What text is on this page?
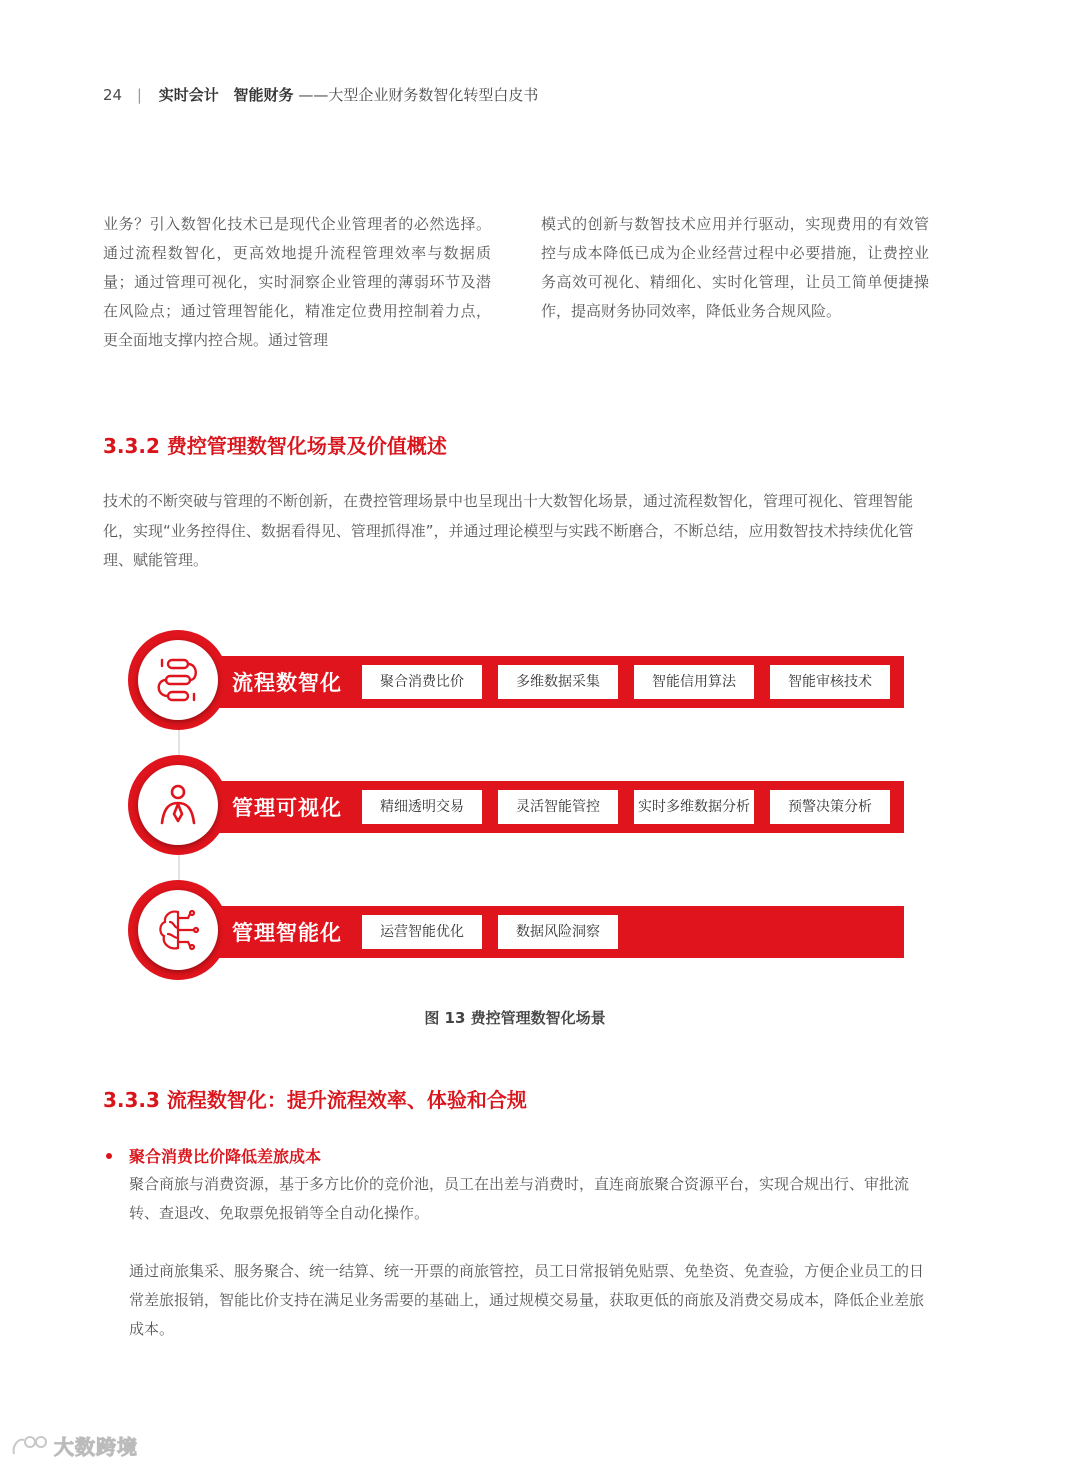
24 | 实时会计 智能财务 ——大型企业财务数智化转型白皮书
业务？引入数智化技术已是现代企业管理者的必然选择。通过流程数智化，更高效地提升流程管理效率与数据质量；通过管理可视化，实时洞察企业管理的薄弱环节及潜在风险点；通过管理智能化，精准定位费用控制着力点，更全面地支撑内控合规。通过管理
模式的创新与数智技术应用并行驱动，实现费用的有效管控与成本降低已成为企业经营过程中必要措施，让费控业务高效可视化、精细化、实时化管理，让员工简单便捷操作，提高财务协同效率，降低业务合规风险。
3.3.2 费控管理数智化场景及价值概述
技术的不断突破与管理的不断创新，在费控管理场景中也呈现出十大数智化场景，通过流程数智化，管理可视化、管理智能化，实现“业务控得住、数据看得见、管理抓得准”，并通过理论模型与实践不断磨合，不断总结，应用数智技术持续优化管理、赋能管理。
流程数智化	聚合消费比价	多维数据采集	智能信用算法	智能审核技术
管理可视化	精细透明交易	灵活智能管控	实时多维数据分析	预警决策分析
管理智能化	运营智能优化	数据风险洞察
图 13 费控管理数智化场景
3.3.3 流程数智化：提升流程效率、体验和合规
聚合消费比价降低差旅成本
聚合商旅与消费资源，基于多方比价的竞价池，员工在出差与消费时，直连商旅聚合资源平台，实现合规出行、审批流转、查退改、免取票免报销等全自动化操作。
通过商旅集采、服务聚合、统一结算、统一开票的商旅管控，员工日常报销免贴票、免垫资、免查验，方便企业员工的日常差旅报销，智能比价支持在满足业务需要的基础上，通过规模交易量，获取更低的商旅及消费交易成本，降低企业差旅成本。
大数跨境
